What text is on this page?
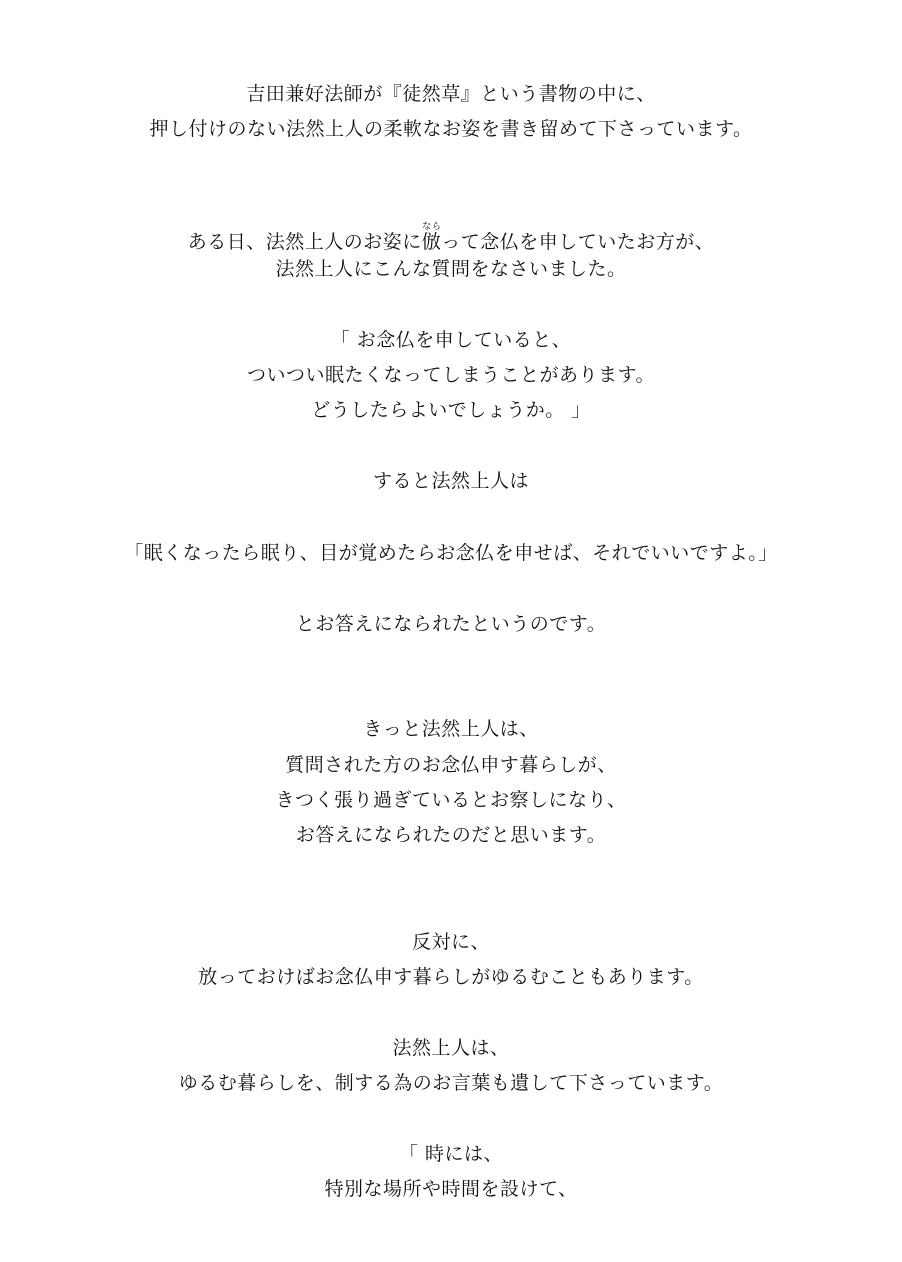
吉田兼好法師が『徒然草』という書物の中に、
押し付けのない法然上人の柔軟なお姿を書き留めて下さっています。
ある日、法然上人のお姿に倣ならって念仏を申していたお方が、
法然上人にこんな質問をなさいました。
「 お念仏を申していると、
ついつい眠たくなってしまうことがあります。
どうしたらよいでしょうか。 」
すると法然上人は
「眠くなったら眠り、目が覚めたらお念仏を申せば、それでいいですよ。」
とお答えになられたというのです。
きっと法然上人は、
質問された方のお念仏申す暮らしが、
きつく張り過ぎているとお察しになり、
お答えになられたのだと思います。
反対に、
放っておけばお念仏申す暮らしがゆるむこともあります。
法然上人は、
ゆるむ暮らしを、制する為のお言葉も遺して下さっています。
「 時には、
特別な場所や時間を設けて、
